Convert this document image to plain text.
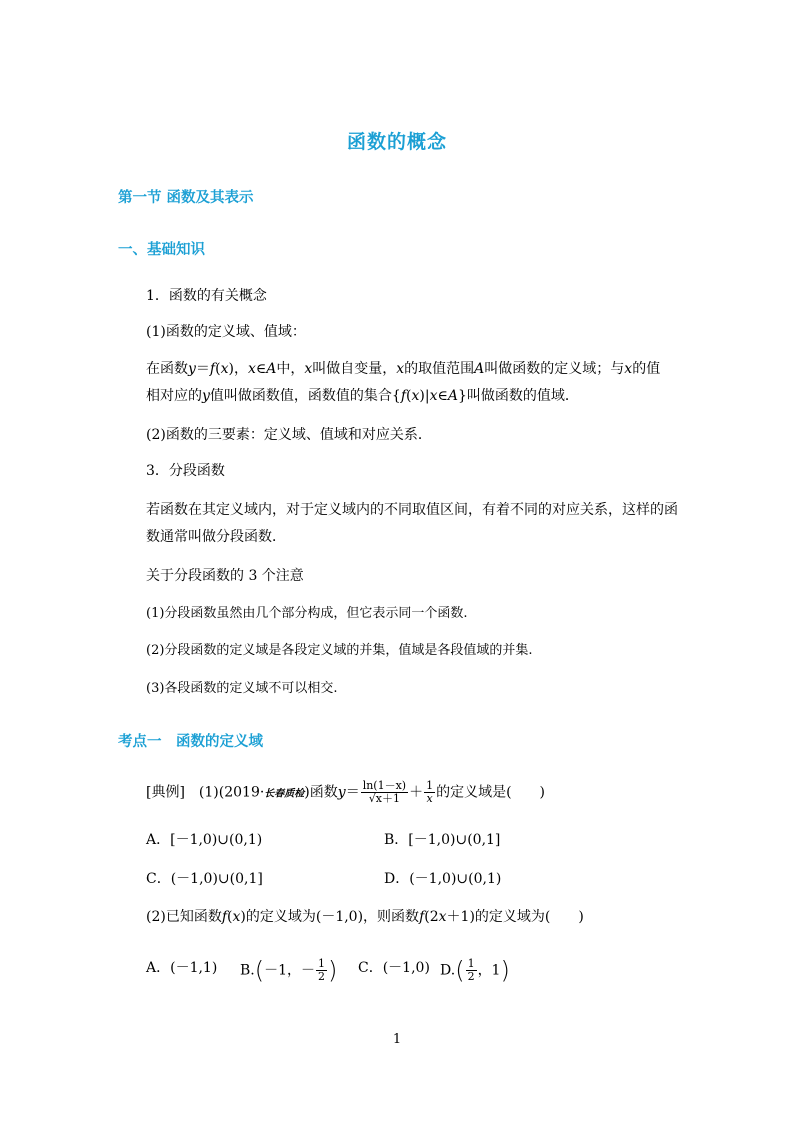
函数的概念
第一节 函数及其表示
一、基础知识
1．函数的有关概念
(1)函数的定义域、值域：
在函数y＝f(x)，x∈A中，x叫做自变量，x的取值范围A叫做函数的定义域；与x的值
相对应的y值叫做函数值，函数值的集合{f(x)|x∈A}叫做函数的值域．
(2)函数的三要素：定义域、值域和对应关系．
3．分段函数
若函数在其定义域内，对于定义域内的不同取值区间，有着不同的对应关系，这样的函
数通常叫做分段函数．
关于分段函数的 3 个注意
(1)分段函数虽然由几个部分构成，但它表示同一个函数.
(2)分段函数的定义域是各段定义域的并集，值域是各段值域的并集.
(3)各段函数的定义域不可以相交.
考点一　函数的定义域
[典例]　(1)(2019·长春质检)函数$y= \frac{\ln(1-x)}{√x+1} + \frac{1}{x}$ 的定义域是(　　)
A．[－1,0)∪(0,1)	B．[－1,0)∪(0,1]
C．(－1,0)∪(0,1]	D．(－1,0)∪(0,1)
(2)已知函数f(x)的定义域为(－1,0)，则函数f(2x＋1)的定义域为(　　)
A．(－1,1) B.(－1，－ $\frac{1}{2}$ ) C．(－1,0) $D.( \frac{1}{2}$ ，1)
1
